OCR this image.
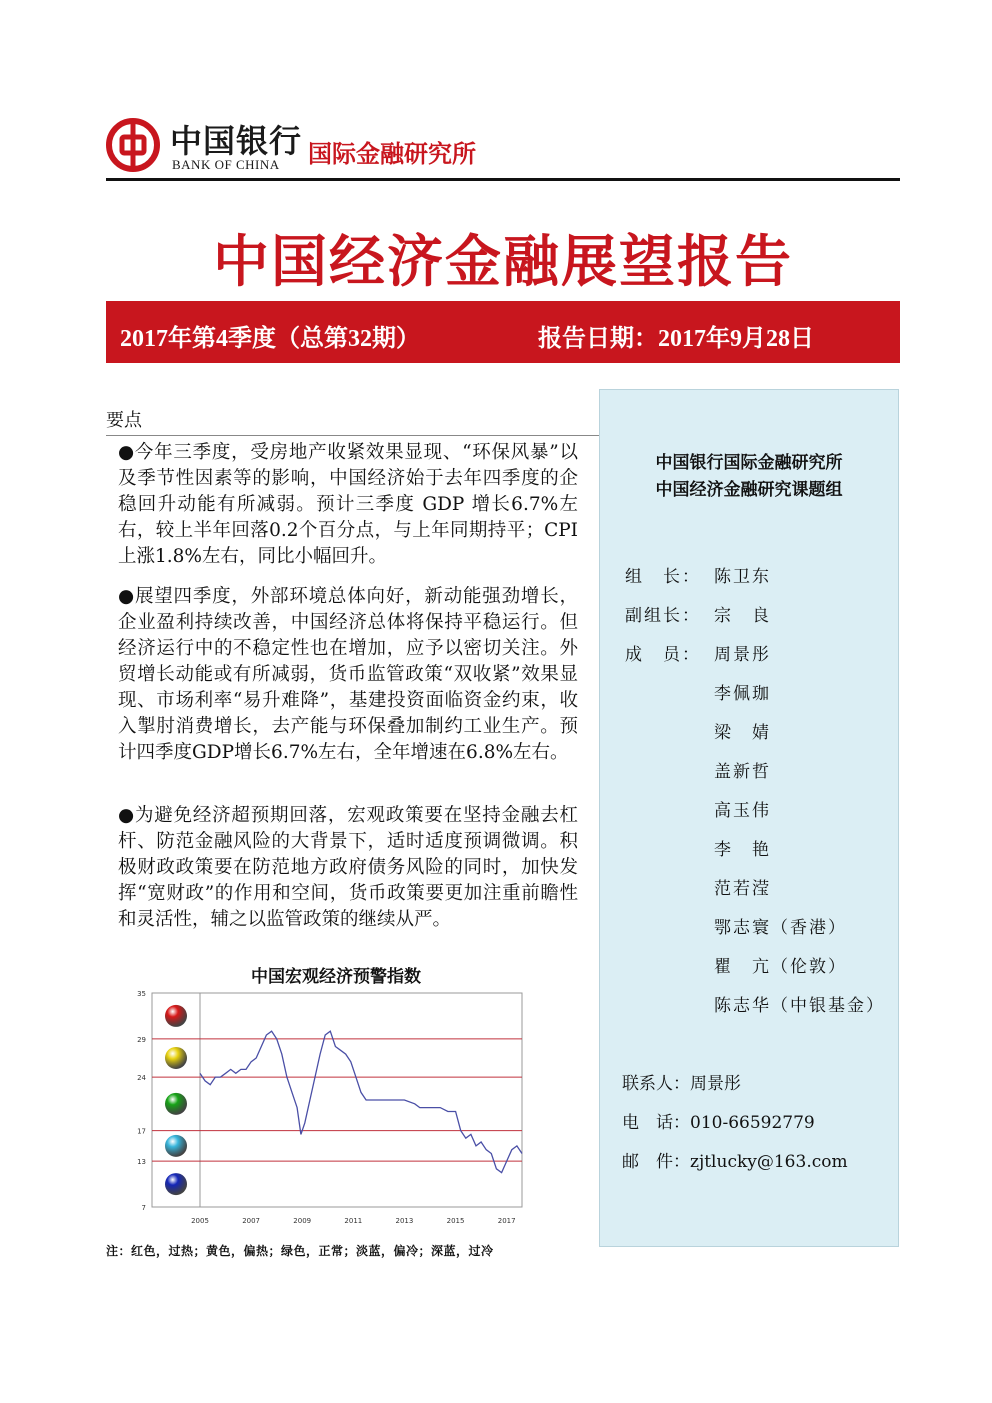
中国银行
BANK OF CHINA 国际金融研究所
中国经济金融展望报告
2017年第4季度（总第32期）	报告日期：2017年9月28日
要点
●今年三季度，受房地产收紧效果显现、“环保风暴”以及季节性因素等的影响，中国经济始于去年四季度的企稳回升动能有所减弱。预计三季度 GDP 增长6.7%左右，较上半年回落0.2个百分点，与上年同期持平；CPI上涨1.8%左右，同比小幅回升。
●展望四季度，外部环境总体向好，新动能强劲增长，企业盈利持续改善，中国经济总体将保持平稳运行。但经济运行中的不稳定性也在增加，应予以密切关注。外贸增长动能或有所减弱，货币监管政策“双收紧”效果显现、市场利率“易升难降”，基建投资面临资金约束，收入掣肘消费增长，去产能与环保叠加制约工业生产。预计四季度GDP增长6.7%左右，全年增速在6.8%左右。
●为避免经济超预期回落，宏观政策要在坚持金融去杠杆、防范金融风险的大背景下，适时适度预调微调。积极财政政策要在防范地方政府债务风险的同时，加快发挥“宽财政”的作用和空间，货币政策要更加注重前瞻性和灵活性，辅之以监管政策的继续从严。
中国宏观经济预警指数
35
29
24
17
13
7
2005	2007	2009	2011	2013	2015	2017
注：红色，过热；黄色，偏热；绿色，正常；淡蓝，偏冷；深蓝，过冷
中国银行国际金融研究所
中国经济金融研究课题组
组　长： 陈卫东
副组长： 宗　良
成　员： 周景彤
李佩珈
梁　婧
盖新哲
高玉伟
李　艳
范若滢
鄂志寰（香港）
瞿　亢（伦敦）
陈志华（中银基金）
联系人：周景彤
电　话：010-66592779
邮　件：zjtlucky@163.com
